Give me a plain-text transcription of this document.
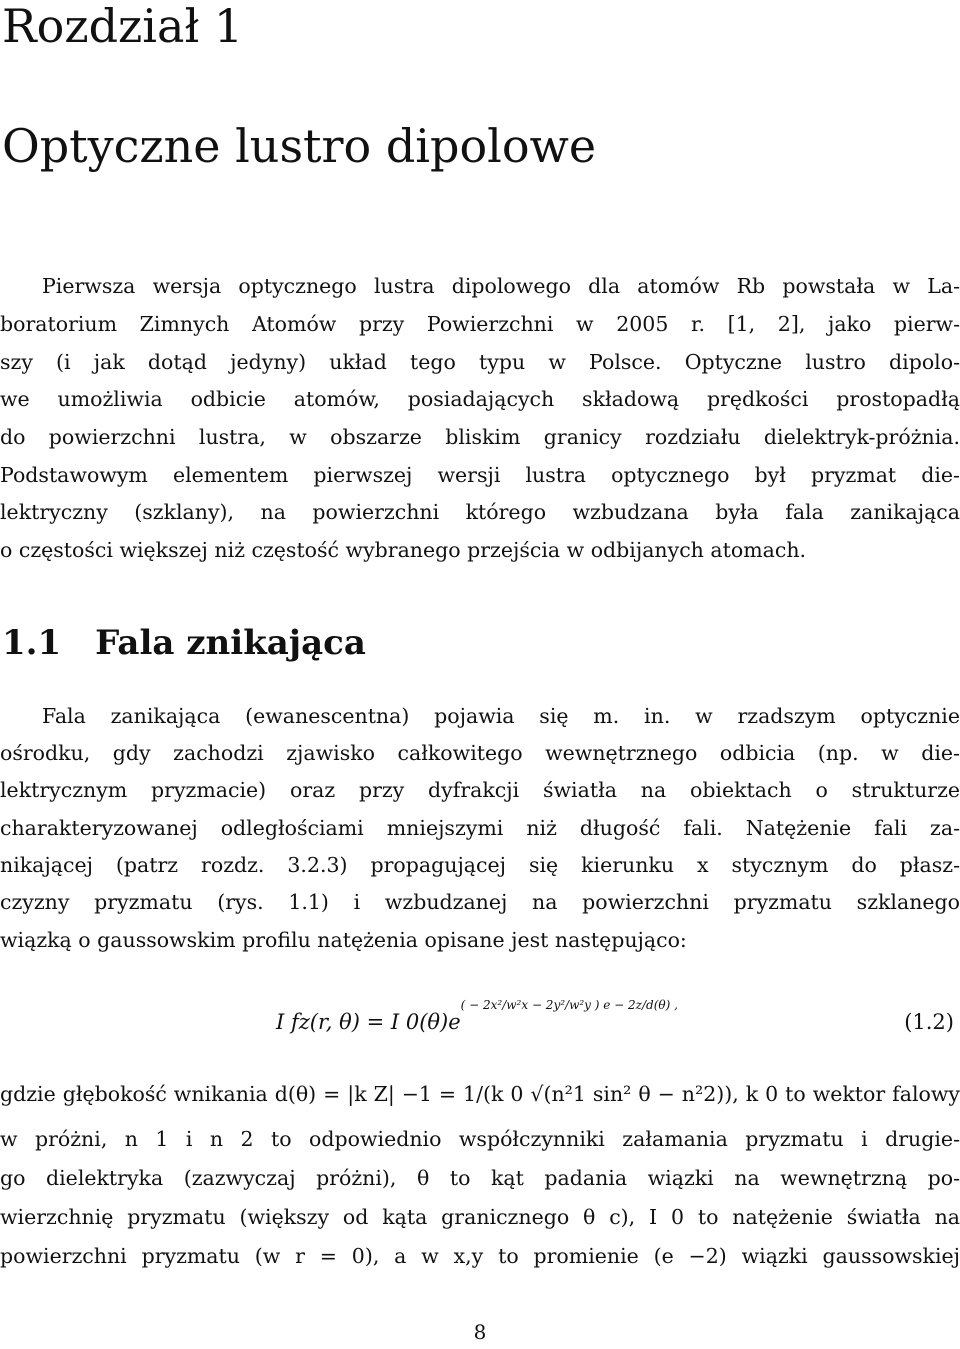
Rozdział 1
Optyczne lustro dipolowe
Pierwsza wersja optycznego lustra dipolowego dla atomów Rb powstała w La-
boratorium Zimnych Atomów przy Powierzchni w 2005 r. [1, 2], jako pierw-
szy (i jak dotąd jedyny) układ tego typu w Polsce. Optyczne lustro dipolo-
we umożliwia odbicie atomów, posiadających składową prędkości prostopadłą
do powierzchni lustra, w obszarze bliskim granicy rozdziału dielektryk-próżnia.
Podstawowym elementem pierwszej wersji lustra optycznego był pryzmat die-
lektryczny (szklany), na powierzchni którego wzbudzana była fala zanikająca
o częstości większej niż częstość wybranego przejścia w odbijanych atomach.
1.1 Fala znikająca
Fala zanikająca (ewanescentna) pojawia się m. in. w rzadszym optycznie
ośrodku, gdy zachodzi zjawisko całkowitego wewnętrznego odbicia (np. w die-
lektrycznym pryzmacie) oraz przy dyfrakcji światła na obiektach o strukturze
charakteryzowanej odległościami mniejszymi niż długość fali. Natężenie fali za-
nikającej (patrz rozdz. 3.2.3) propagującej się kierunku x stycznym do płasz-
czyzny pryzmatu (rys. 1.1) i wzbudzanej na powierzchni pryzmatu szklanego
wiązką o gaussowskim profilu natężenia opisane jest następująco:
I fz(r, θ) = I $0(\theta)e^{( - 2x^2/w^2x - 2y^2/w^2y ) e - 2z/d(\theta) ,}$
(1.2)
gdzie głębokość wnikania d(θ) = |k Z| −1 = 1/(k 0 √(n²1 sin² θ − n²2)), k 0 to wektor falowy
w próżni, n 1 i n 2 to odpowiednio współczynniki załamania pryzmatu i drugie-
go dielektryka (zazwyczaj próżni), θ to kąt padania wiązki na wewnętrzną po-
wierzchnię pryzmatu (większy od kąta granicznego θ c), I 0 to natężenie światła na
powierzchni pryzmatu (w r = 0), a w x,y to promienie (e −2) wiązki gaussowskiej
8
